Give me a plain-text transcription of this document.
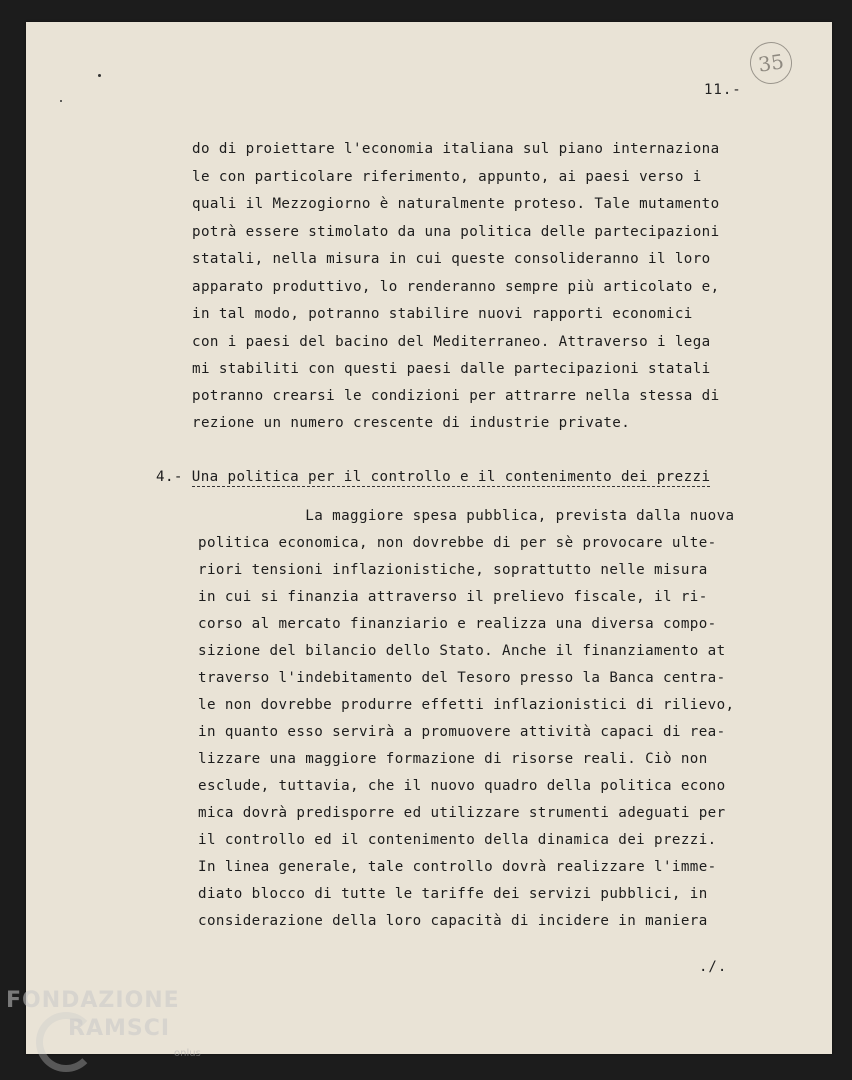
35
11.-
do di proiettare l'economia italiana sul piano internaziona
le con particolare riferimento, appunto, ai paesi verso i
quali il Mezzogiorno è naturalmente proteso. Tale mutamento
potrà essere stimolato da una politica delle partecipazioni
statali, nella misura in cui queste consolideranno il loro
apparato produttivo, lo renderanno sempre più articolato e,
in tal modo, potranno stabilire nuovi rapporti economici
con i paesi del bacino del Mediterraneo. Attraverso i lega
mi stabiliti con questi paesi dalle partecipazioni statali
potranno crearsi le condizioni per attrarre nella stessa di
rezione un numero crescente di industrie private.
4.- Una politica per il controllo e il contenimento dei prezzi
La maggiore spesa pubblica, prevista dalla nuova
politica economica, non dovrebbe di per sè provocare ulte-
riori tensioni inflazionistiche, soprattutto nelle misura
in cui si finanzia attraverso il prelievo fiscale, il ri-
corso al mercato finanziario e realizza una diversa compo-
sizione del bilancio dello Stato. Anche il finanziamento at
traverso l'indebitamento del Tesoro presso la Banca centra-
le non dovrebbe produrre effetti inflazionistici di rilievo,
in quanto esso servirà a promuovere attività capaci di rea-
lizzare una maggiore formazione di risorse reali. Ciò non
esclude, tuttavia, che il nuovo quadro della politica econo
mica dovrà predisporre ed utilizzare strumenti adeguati per
il controllo ed il contenimento della dinamica dei prezzi.
In linea generale, tale controllo dovrà realizzare l'imme-
diato blocco di tutte le tariffe dei servizi pubblici, in
considerazione della loro capacità di incidere in maniera
./.
FONDAZIONE
RAMSCI
onlus
